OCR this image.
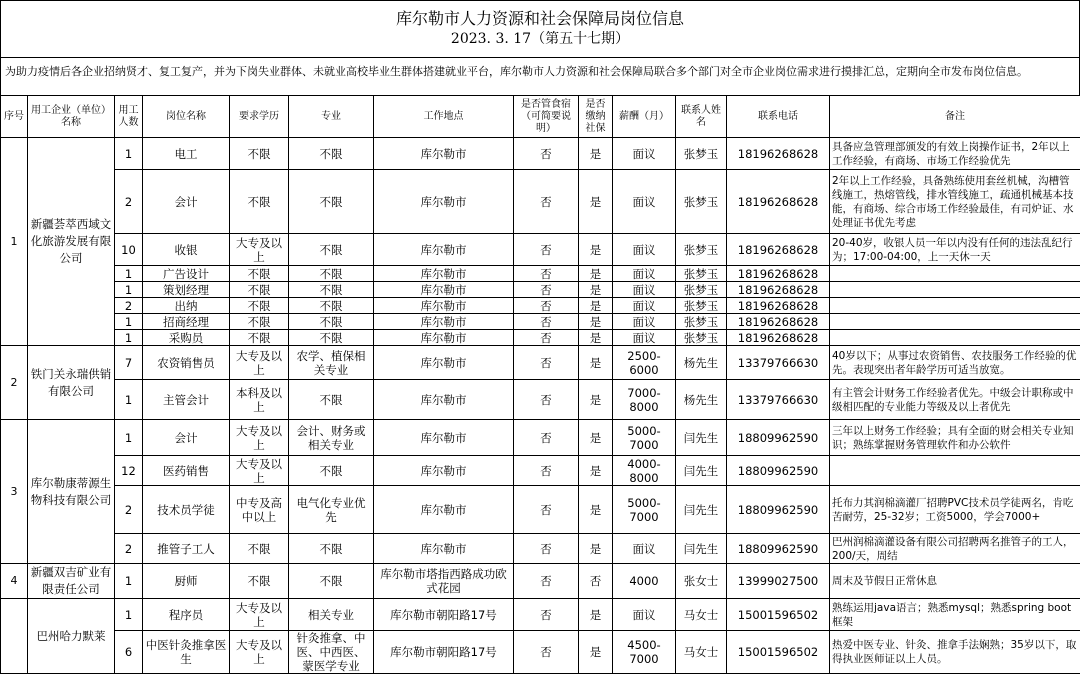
库尔勒市人力资源和社会保障局岗位信息
2023. 3. 17（第五十七期）
为助力疫情后各企业招纳贤才、复工复产，并为下岗失业群体、未就业高校毕业生群体搭建就业平台，库尔勒市人力资源和社会保障局联合多个部门对全市企业岗位需求进行摸排汇总，定期向全市发布岗位信息。
序号	用工企业（单位）名称	用工人数	岗位名称	要求学历	专业	工作地点	是否管食宿（可简要说明）	是否缴纳社保	薪酬（月）	联系人姓名	联系电话	备注
1	新疆荟萃西域文化旅游发展有限公司	1	电工	不限	不限	库尔勒市	否	是	面议	张梦玉	18196268628	具备应急管理部颁发的有效上岗操作证书，2年以上工作经验，有商场、市场工作经验优先
		2	会计	不限	不限	库尔勒市	否	是	面议	张梦玉	18196268628	2年以上工作经验，具备熟练使用套丝机械，沟槽管线施工，热熔管线，排水管线施工，疏通机械基本技能，有商场、综合市场工作经验最佳，有司炉证、水处理证书优先考虑
		10	收银	大专及以上	不限	库尔勒市	否	是	面议	张梦玉	18196268628	20-40岁，收银人员一年以内没有任何的违法乱纪行为；17:00-04:00，上一天休一天
		1	广告设计	不限	不限	库尔勒市	否	是	面议	张梦玉	18196268628	
		1	策划经理	不限	不限	库尔勒市	否	是	面议	张梦玉	18196268628	
		2	出纳	不限	不限	库尔勒市	否	是	面议	张梦玉	18196268628	
		1	招商经理	不限	不限	库尔勒市	否	是	面议	张梦玉	18196268628	
		1	采购员	不限	不限	库尔勒市	否	是	面议	张梦玉	18196268628	
2	铁门关永瑞供销有限公司	7	农资销售员	大专及以上	农学、植保相关专业	库尔勒市	否	是	2500-6000	杨先生	13379766630	40岁以下；从事过农资销售、农技服务工作经验的优先。表现突出者年龄学历可适当放宽。
		1	主管会计	本科及以上	不限	库尔勒市	否	是	7000-8000	杨先生	13379766630	有主管会计财务工作经验者优先。中级会计职称或中级相匹配的专业能力等级及以上者优先
3	库尔勒康蒂源生物科技有限公司	1	会计	大专及以上	会计、财务或相关专业	库尔勒市	否	是	5000-7000	闫先生	18809962590	三年以上财务工作经验；具有全面的财会相关专业知识；熟练掌握财务管理软件和办公软件
		12	医药销售	大专及以上	不限	库尔勒市	否	是	4000-8000	闫先生	18809962590	
		2	技术员学徒	中专及高中以上	电气化专业优先	库尔勒市	否	是	5000-7000	闫先生	18809962590	托布力其润棉滴灌厂招聘PVC技术员学徒两名，肯吃苦耐劳，25-32岁；工资5000，学会7000+
		2	推管子工人	不限	不限	库尔勒市	否	是	面议	闫先生	18809962590	巴州润棉滴灌设备有限公司招聘两名推管子的工人，200/天，周结
4	新疆双吉矿业有限责任公司	1	厨师	不限	不限	库尔勒市塔指西路成功欧式花园	否	否	4000	张女士	13999027500	周末及节假日正常休息
	巴州哈力默莱	1	程序员	大专及以上	相关专业	库尔勒市朝阳路17号	否	是	面议	马女士	15001596502	熟练运用java语言；熟悉mysql；熟悉spring boot 框架
		6	中医针灸推拿医生	大专及以上	针灸推拿、中医、中西医、蒙医学专业	库尔勒市朝阳路17号	否	是	4500-7000	马女士	15001596502	热爱中医专业、针灸、推拿手法娴熟；35岁以下，取得执业医师证以上人员。
